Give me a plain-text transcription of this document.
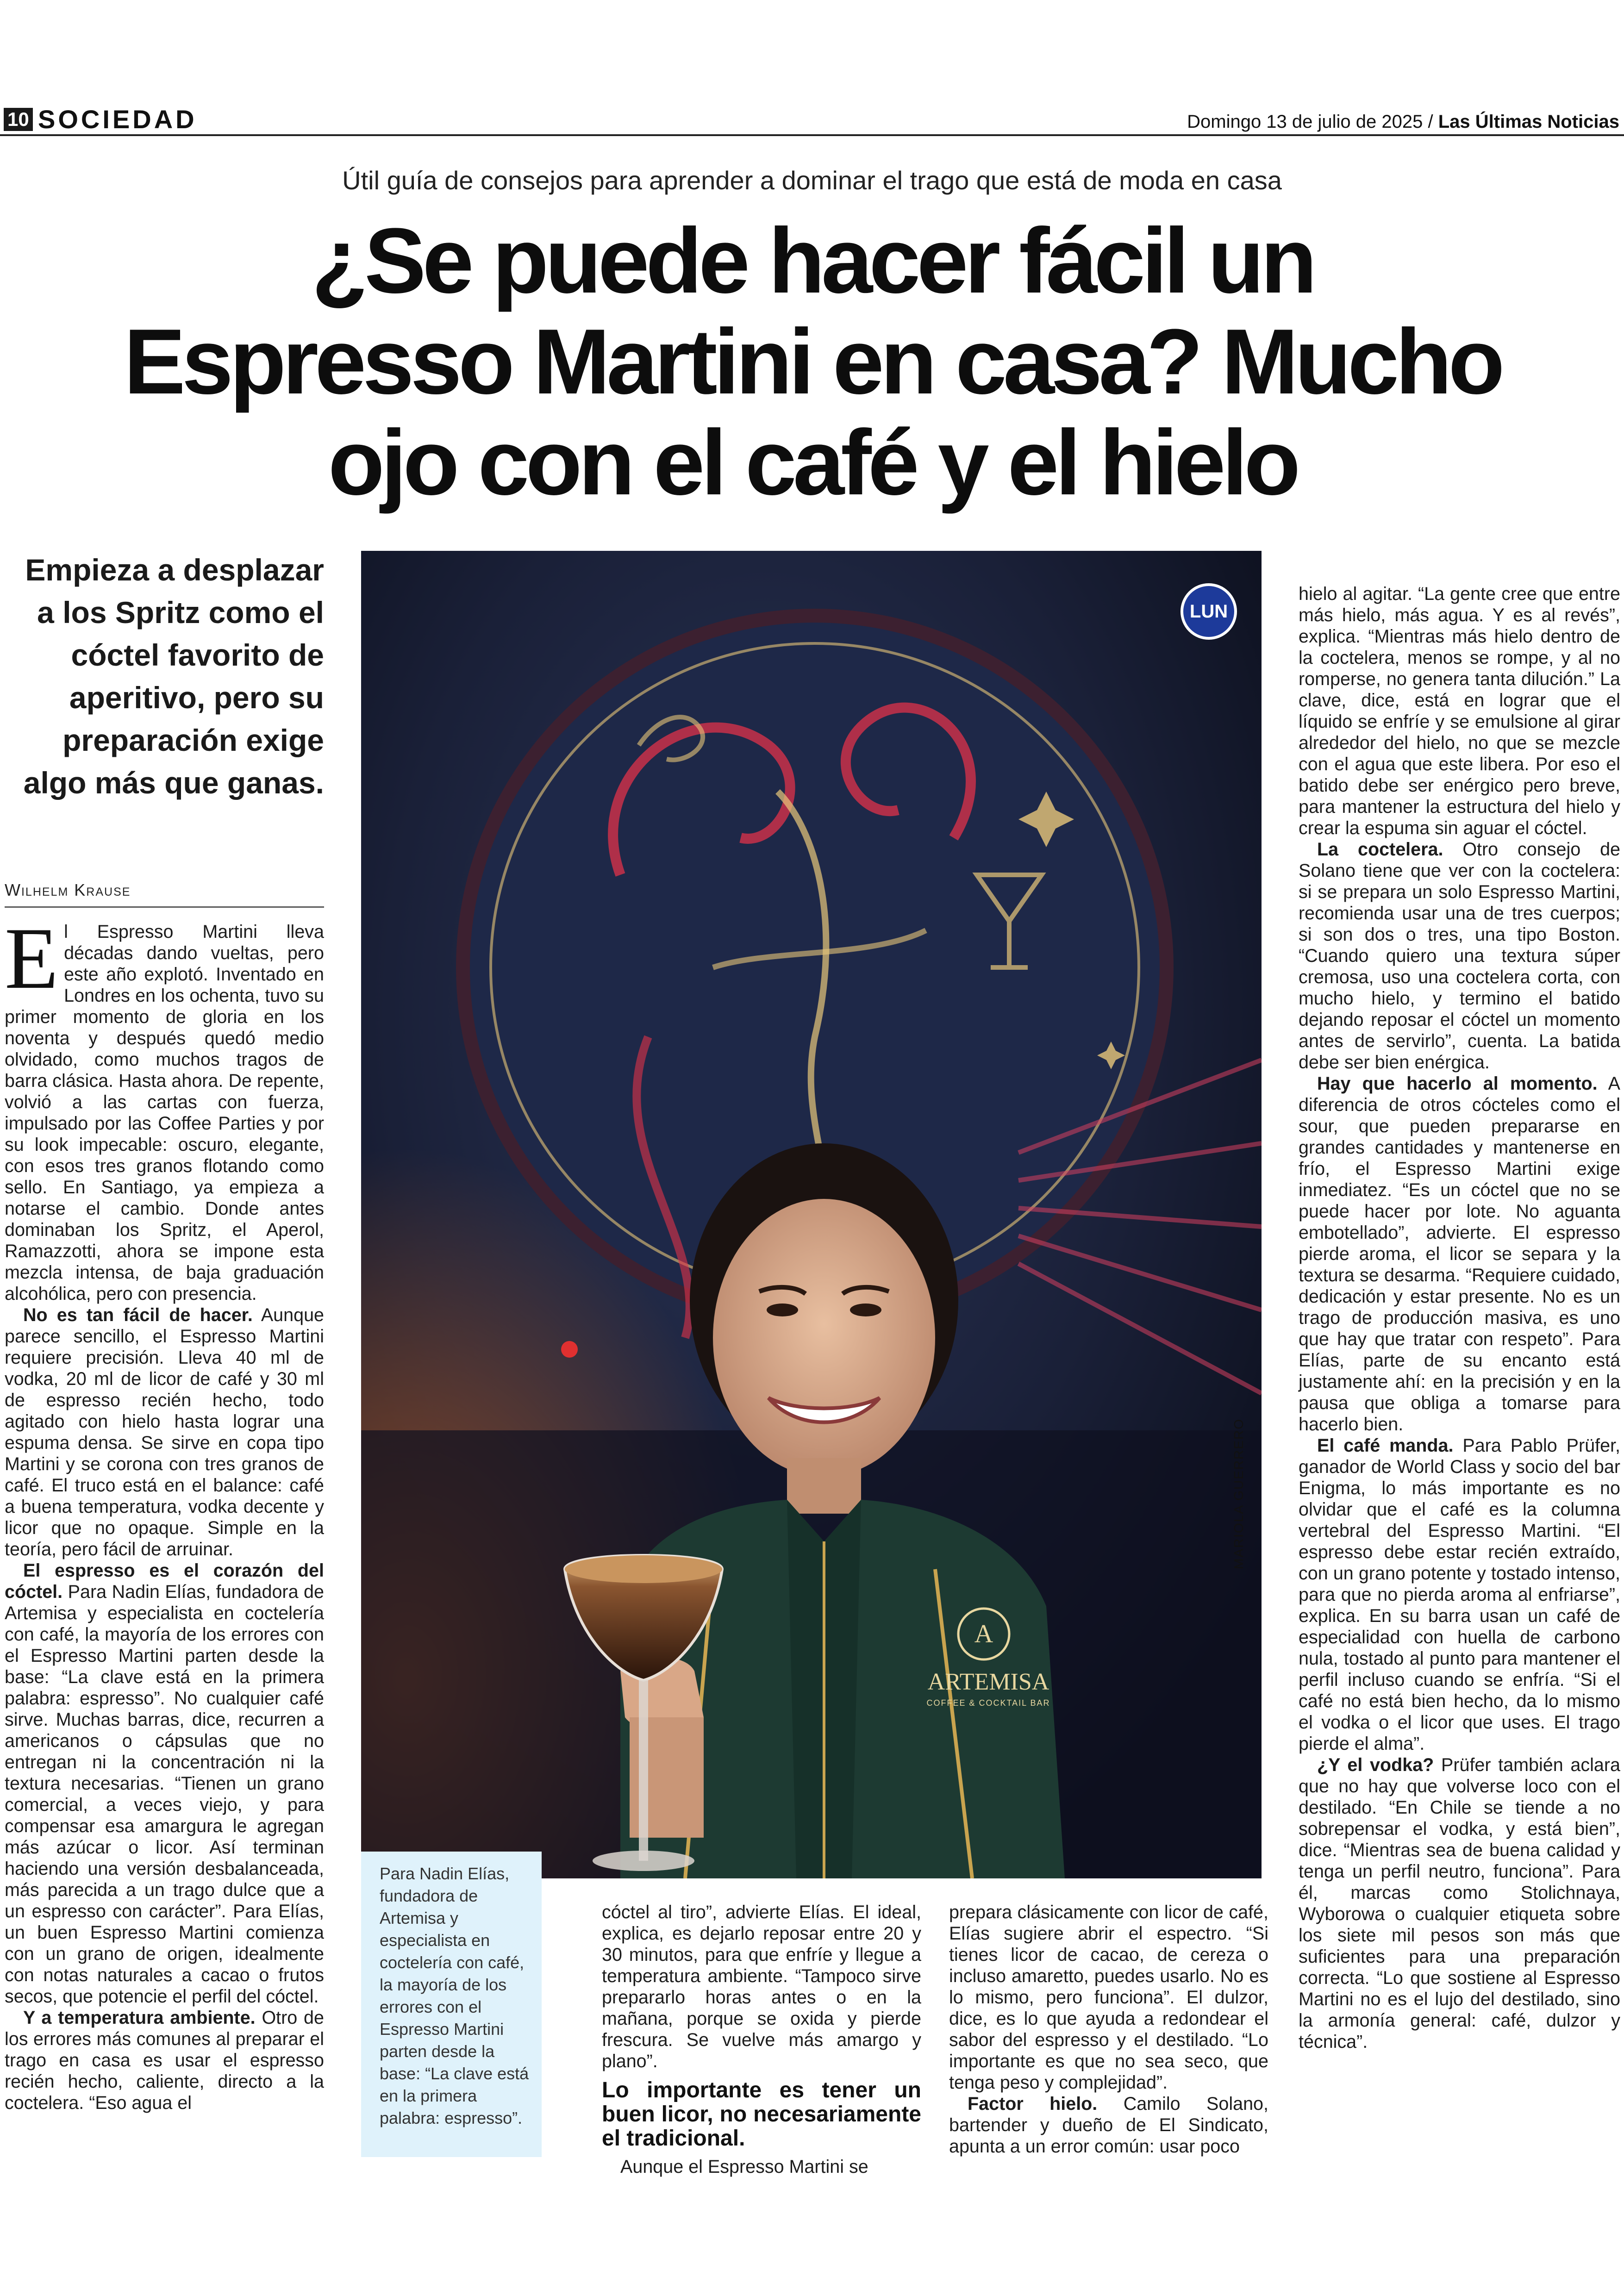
10 SOCIEDAD	Domingo 13 de julio de 2025 / Las Últimas Noticias
Útil guía de consejos para aprender a dominar el trago que está de moda en casa
¿Se puede hacer fácil un
Espresso Martini en casa? Mucho
ojo con el café y el hielo
Empieza a desplazar a los Spritz como el cóctel favorito de aperitivo, pero su preparación exige algo más que ganas.
Wilhelm Krause

El Espresso Martini lleva décadas dando vueltas, pero este año explotó. Inventado en Londres en los ochenta, tuvo su primer momento de gloria en los noventa y después quedó medio olvidado, como muchos tragos de barra clásica. Hasta ahora. De repente, volvió a las cartas con fuerza, impulsado por las Coffee Parties y por su look impecable: oscuro, elegante, con esos tres granos flotando como sello. En Santiago, ya empieza a notarse el cambio. Donde antes dominaban los Spritz, el Aperol, Ramazzotti, ahora se impone esta mezcla intensa, de baja graduación alcohólica, pero con presencia.

No es tan fácil de hacer. Aunque parece sencillo, el Espresso Martini requiere precisión. Lleva 40 ml de vodka, 20 ml de licor de café y 30 ml de espresso recién hecho, todo agitado con hielo hasta lograr una espuma densa. Se sirve en copa tipo Martini y se corona con tres granos de café. El truco está en el balance: café a buena temperatura, vodka decente y licor que no opaque. Simple en la teoría, pero fácil de arruinar.

El espresso es el corazón del cóctel. Para Nadin Elías, fundadora de Artemisa y especialista en coctelería con café, la mayoría de los errores con el Espresso Martini parten desde la base: “La clave está en la primera palabra: espresso”. No cualquier café sirve. Muchas barras, dice, recurren a americanos o cápsulas que no entregan ni la concentración ni la textura necesarias. “Tienen un grano comercial, a veces viejo, y para compensar esa amargura le agregan más azúcar o licor. Así terminan haciendo una versión desbalanceada, más parecida a un trago dulce que a un espresso con carácter”. Para Elías, un buen Espresso Martini comienza con un grano de origen, idealmente con notas naturales a cacao o frutos secos, que potencie el perfil del cóctel.

Y a temperatura ambiente. Otro de los errores más comunes al preparar el trago en casa es usar el espresso recién hecho, caliente, directo a la coctelera. “Eso agua el

A
ARTEMISA
COFFEE & COCKTAIL BAR
LUN
MARIOLA GUERRERO
Para Nadin Elías, fundadora de Artemisa y especialista en coctelería con café, la mayoría de los errores con el Espresso Martini parten desde la base: “La clave está en la primera palabra: espresso”.

cóctel al tiro”, advierte Elías. El ideal, explica, es dejarlo reposar entre 20 y 30 minutos, para que enfríe y llegue a temperatura ambiente. “Tampoco sirve prepararlo horas antes o en la mañana, porque se oxida y pierde frescura. Se vuelve más amargo y plano”.

Lo importante es tener un buen licor, no necesariamente el tradicional.

Aunque el Espresso Martini se

prepara clásicamente con licor de café, Elías sugiere abrir el espectro. “Si tienes licor de cacao, de cereza o incluso amaretto, puedes usarlo. No es lo mismo, pero funciona”. El dulzor, dice, es lo que ayuda a redondear el sabor del espresso y el destilado. “Lo importante es que no sea seco, que tenga peso y complejidad”.

Factor hielo. Camilo Solano, bartender y dueño de El Sindicato, apunta a un error común: usar poco

hielo al agitar. “La gente cree que entre más hielo, más agua. Y es al revés”, explica. “Mientras más hielo dentro de la coctelera, menos se rompe, y al no romperse, no genera tanta dilución.” La clave, dice, está en lograr que el líquido se enfríe y se emulsione al girar alrededor del hielo, no que se mezcle con el agua que este libera. Por eso el batido debe ser enérgico pero breve, para mantener la estructura del hielo y crear la espuma sin aguar el cóctel.

La coctelera. Otro consejo de Solano tiene que ver con la coctelera: si se prepara un solo Espresso Martini, recomienda usar una de tres cuerpos; si son dos o tres, una tipo Boston. “Cuando quiero una textura súper cremosa, uso una coctelera corta, con mucho hielo, y termino el batido dejando reposar el cóctel un momento antes de servirlo”, cuenta. La batida debe ser bien enérgica.

Hay que hacerlo al momento. A diferencia de otros cócteles como el sour, que pueden prepararse en grandes cantidades y mantenerse en frío, el Espresso Martini exige inmediatez. “Es un cóctel que no se puede hacer por lote. No aguanta embotellado”, advierte. El espresso pierde aroma, el licor se separa y la textura se desarma. “Requiere cuidado, dedicación y estar presente. No es un trago de producción masiva, es uno que hay que tratar con respeto”. Para Elías, parte de su encanto está justamente ahí: en la precisión y en la pausa que obliga a tomarse para hacerlo bien.

El café manda. Para Pablo Prüfer, ganador de World Class y socio del bar Enigma, lo más importante es no olvidar que el café es la columna vertebral del Espresso Martini. “El espresso debe estar recién extraído, con un grano potente y tostado intenso, para que no pierda aroma al enfriarse”, explica. En su barra usan un café de especialidad con huella de carbono nula, tostado al punto para mantener el perfil incluso cuando se enfría. “Si el café no está bien hecho, da lo mismo el vodka o el licor que uses. El trago pierde el alma”.

¿Y el vodka? Prüfer también aclara que no hay que volverse loco con el destilado. “En Chile se tiende a no sobrepensar el vodka, y está bien”, dice. “Mientras sea de buena calidad y tenga un perfil neutro, funciona”. Para él, marcas como Stolichnaya, Wyborowa o cualquier etiqueta sobre los siete mil pesos son más que suficientes para una preparación correcta. “Lo que sostiene al Espresso Martini no es el lujo del destilado, sino la armonía general: café, dulzor y técnica”.
